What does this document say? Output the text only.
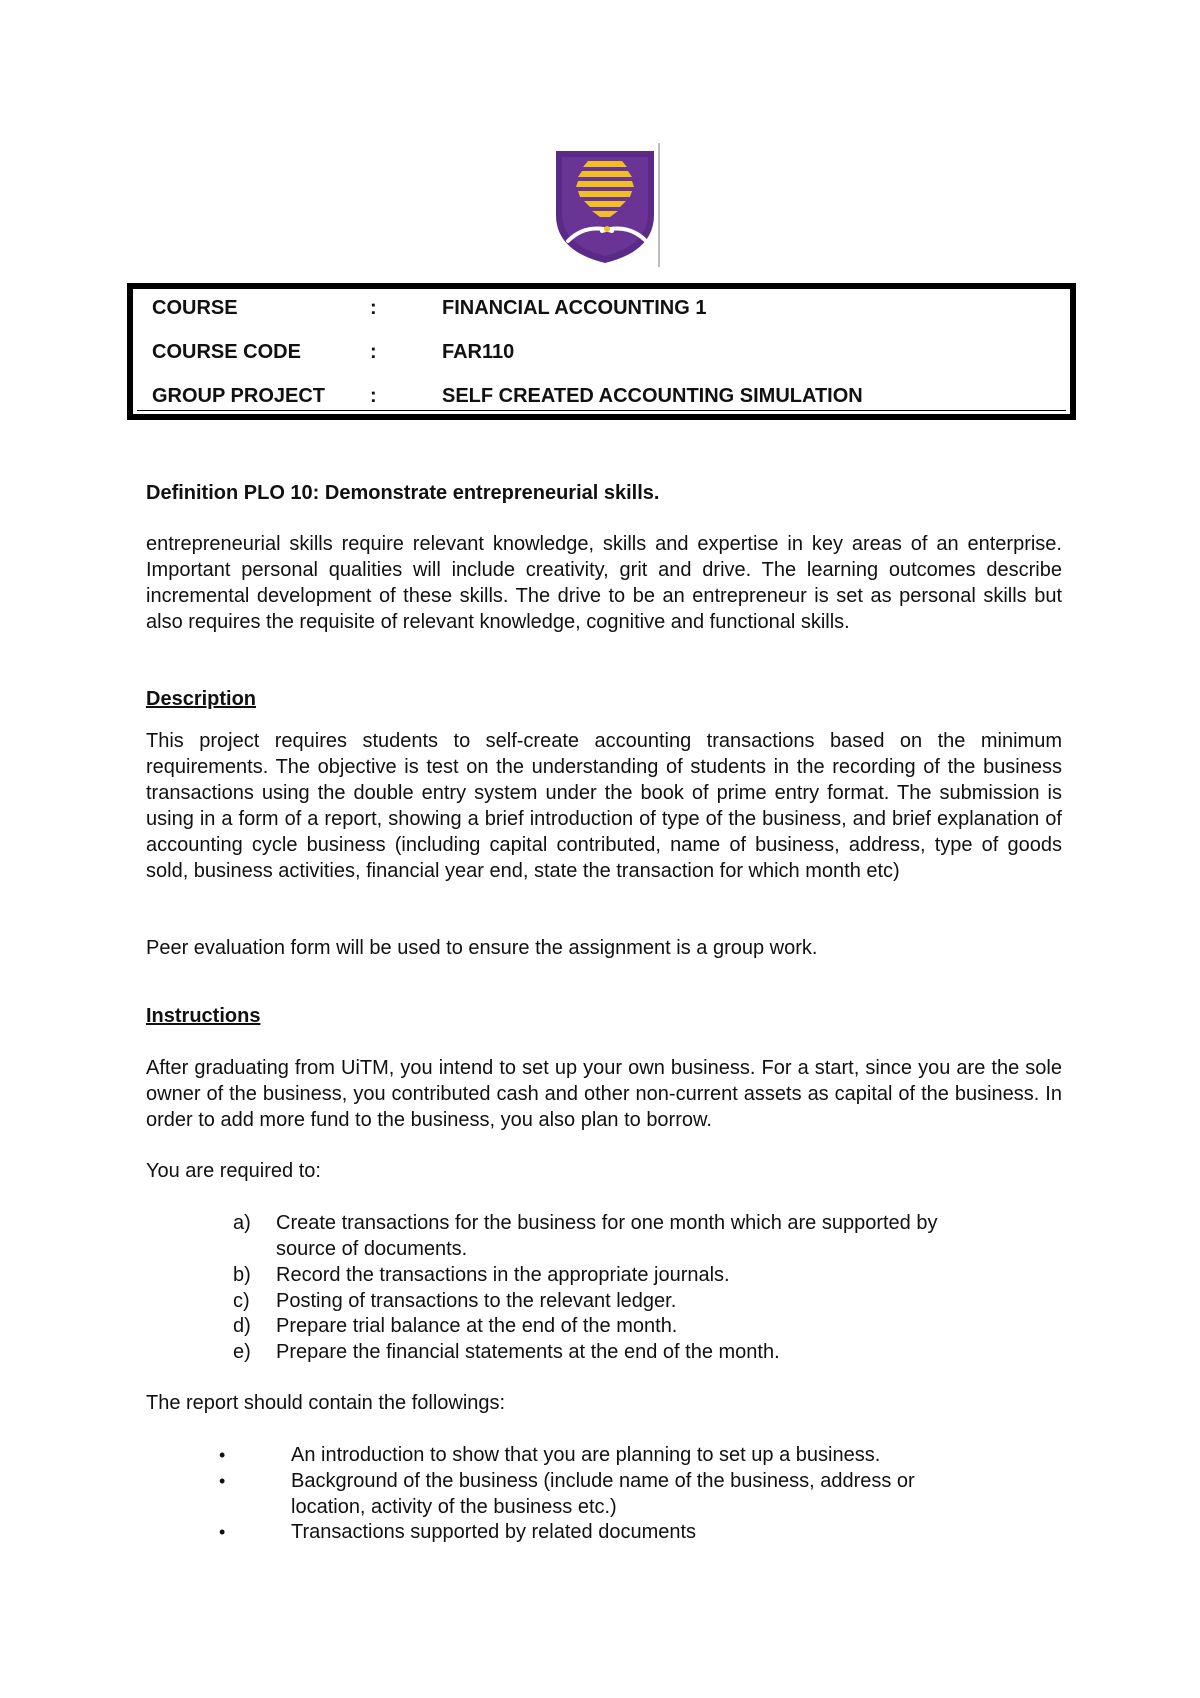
COURSE	:	FINANCIAL ACCOUNTING 1
COURSE CODE	:	FAR110
GROUP PROJECT :	SELF CREATED ACCOUNTING SIMULATION
Definition PLO 10: Demonstrate entrepreneurial skills.
entrepreneurial skills require relevant knowledge, skills and expertise in key areas of an enterprise. Important personal qualities will include creativity, grit and drive. The learning outcomes describe incremental development of these skills. The drive to be an entrepreneur is set as personal skills but also requires the requisite of relevant knowledge, cognitive and functional skills.
Description
This project requires students to self-create accounting transactions based on the minimum requirements. The objective is test on the understanding of students in the recording of the business transactions using the double entry system under the book of prime entry format. The submission is using in a form of a report, showing a brief introduction of type of the business, and brief explanation of accounting cycle business (including capital contributed, name of business, address, type of goods sold, business activities, financial year end, state the transaction for which month etc)
Peer evaluation form will be used to ensure the assignment is a group work.
Instructions
After graduating from UiTM, you intend to set up your own business. For a start, since you are the sole owner of the business, you contributed cash and other non-current assets as capital of the business. In order to add more fund to the business, you also plan to borrow.
You are required to:
a) Create transactions for the business for one month which are supported by
source of documents.
b) Record the transactions in the appropriate journals.
c) Posting of transactions to the relevant ledger.
d) Prepare trial balance at the end of the month.
e) Prepare the financial statements at the end of the month.
The report should contain the followings:
•	An introduction to show that you are planning to set up a business.
•	Background of the business (include name of the business, address or
location, activity of the business etc.)
•	Transactions supported by related documents
